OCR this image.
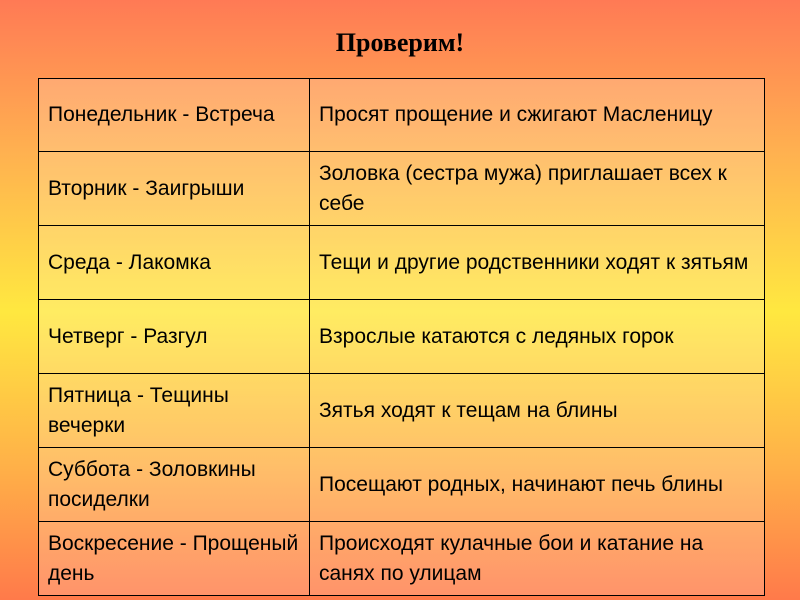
Проверим!
Понедельник - Встреча	Просят прощение и сжигают Масленицу
Вторник - Заигрыши	Золовка (сестра мужа) приглашает всех к себе
Среда - Лакомка	Тещи и другие родственники ходят к зятьям
Четверг - Разгул	Взрослые катаются с ледяных горок
Пятница - Тещины вечерки	Зятья ходят к тещам на блины
Суббота - Золовкины посиделки	Посещают родных, начинают печь блины
Воскресение - Прощеный день	Происходят кулачные бои и катание на санях по улицам
